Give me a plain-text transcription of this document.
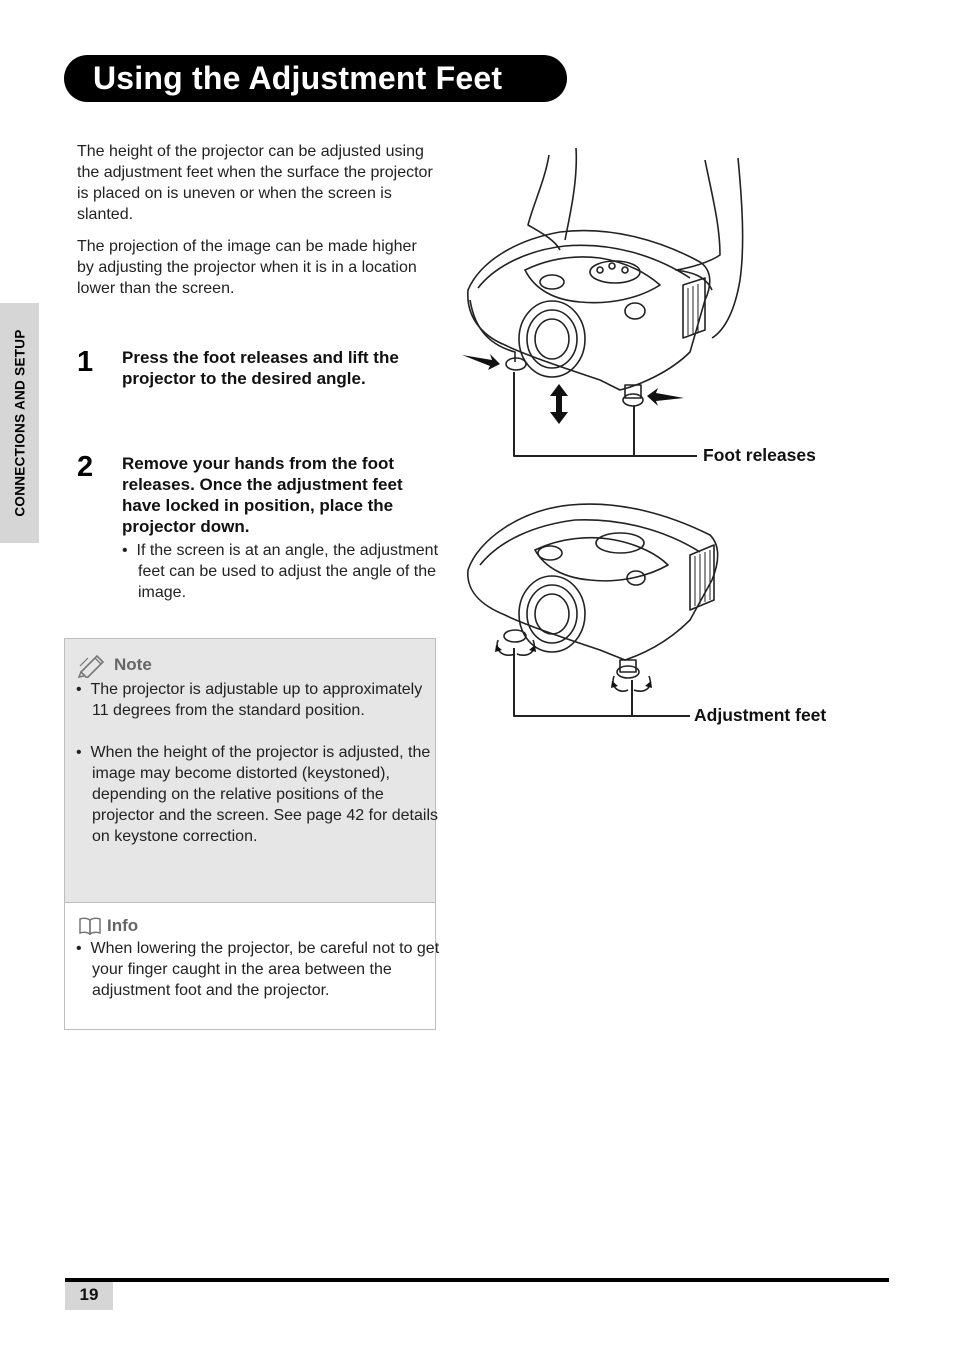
Using the Adjustment Feet
CONNECTIONS AND SETUP

The height of the projector can be adjusted using the adjustment feet when the surface the projector is placed on is uneven or when the screen is slanted.

The projection of the image can be made higher by adjusting the projector when it is in a location lower than the screen.

1 Press the foot releases and lift the projector to the desired angle.

2 Remove your hands from the foot releases. Once the adjustment feet have locked in position, place the projector down.

•  If the screen is at an angle, the adjustment feet can be used to adjust the angle of the image.

Note

•  The projector is adjustable up to approximately 11 degrees from the standard position.

•  When the height of the projector is adjusted, the image may become distorted (keystoned), depending on the relative positions of the projector and the screen. See page 42 for details on keystone correction.

Info

•  When lowering the projector, be careful not to get your finger caught in the area between the adjustment foot and the projector.

Foot releases
Adjustment feet
19
